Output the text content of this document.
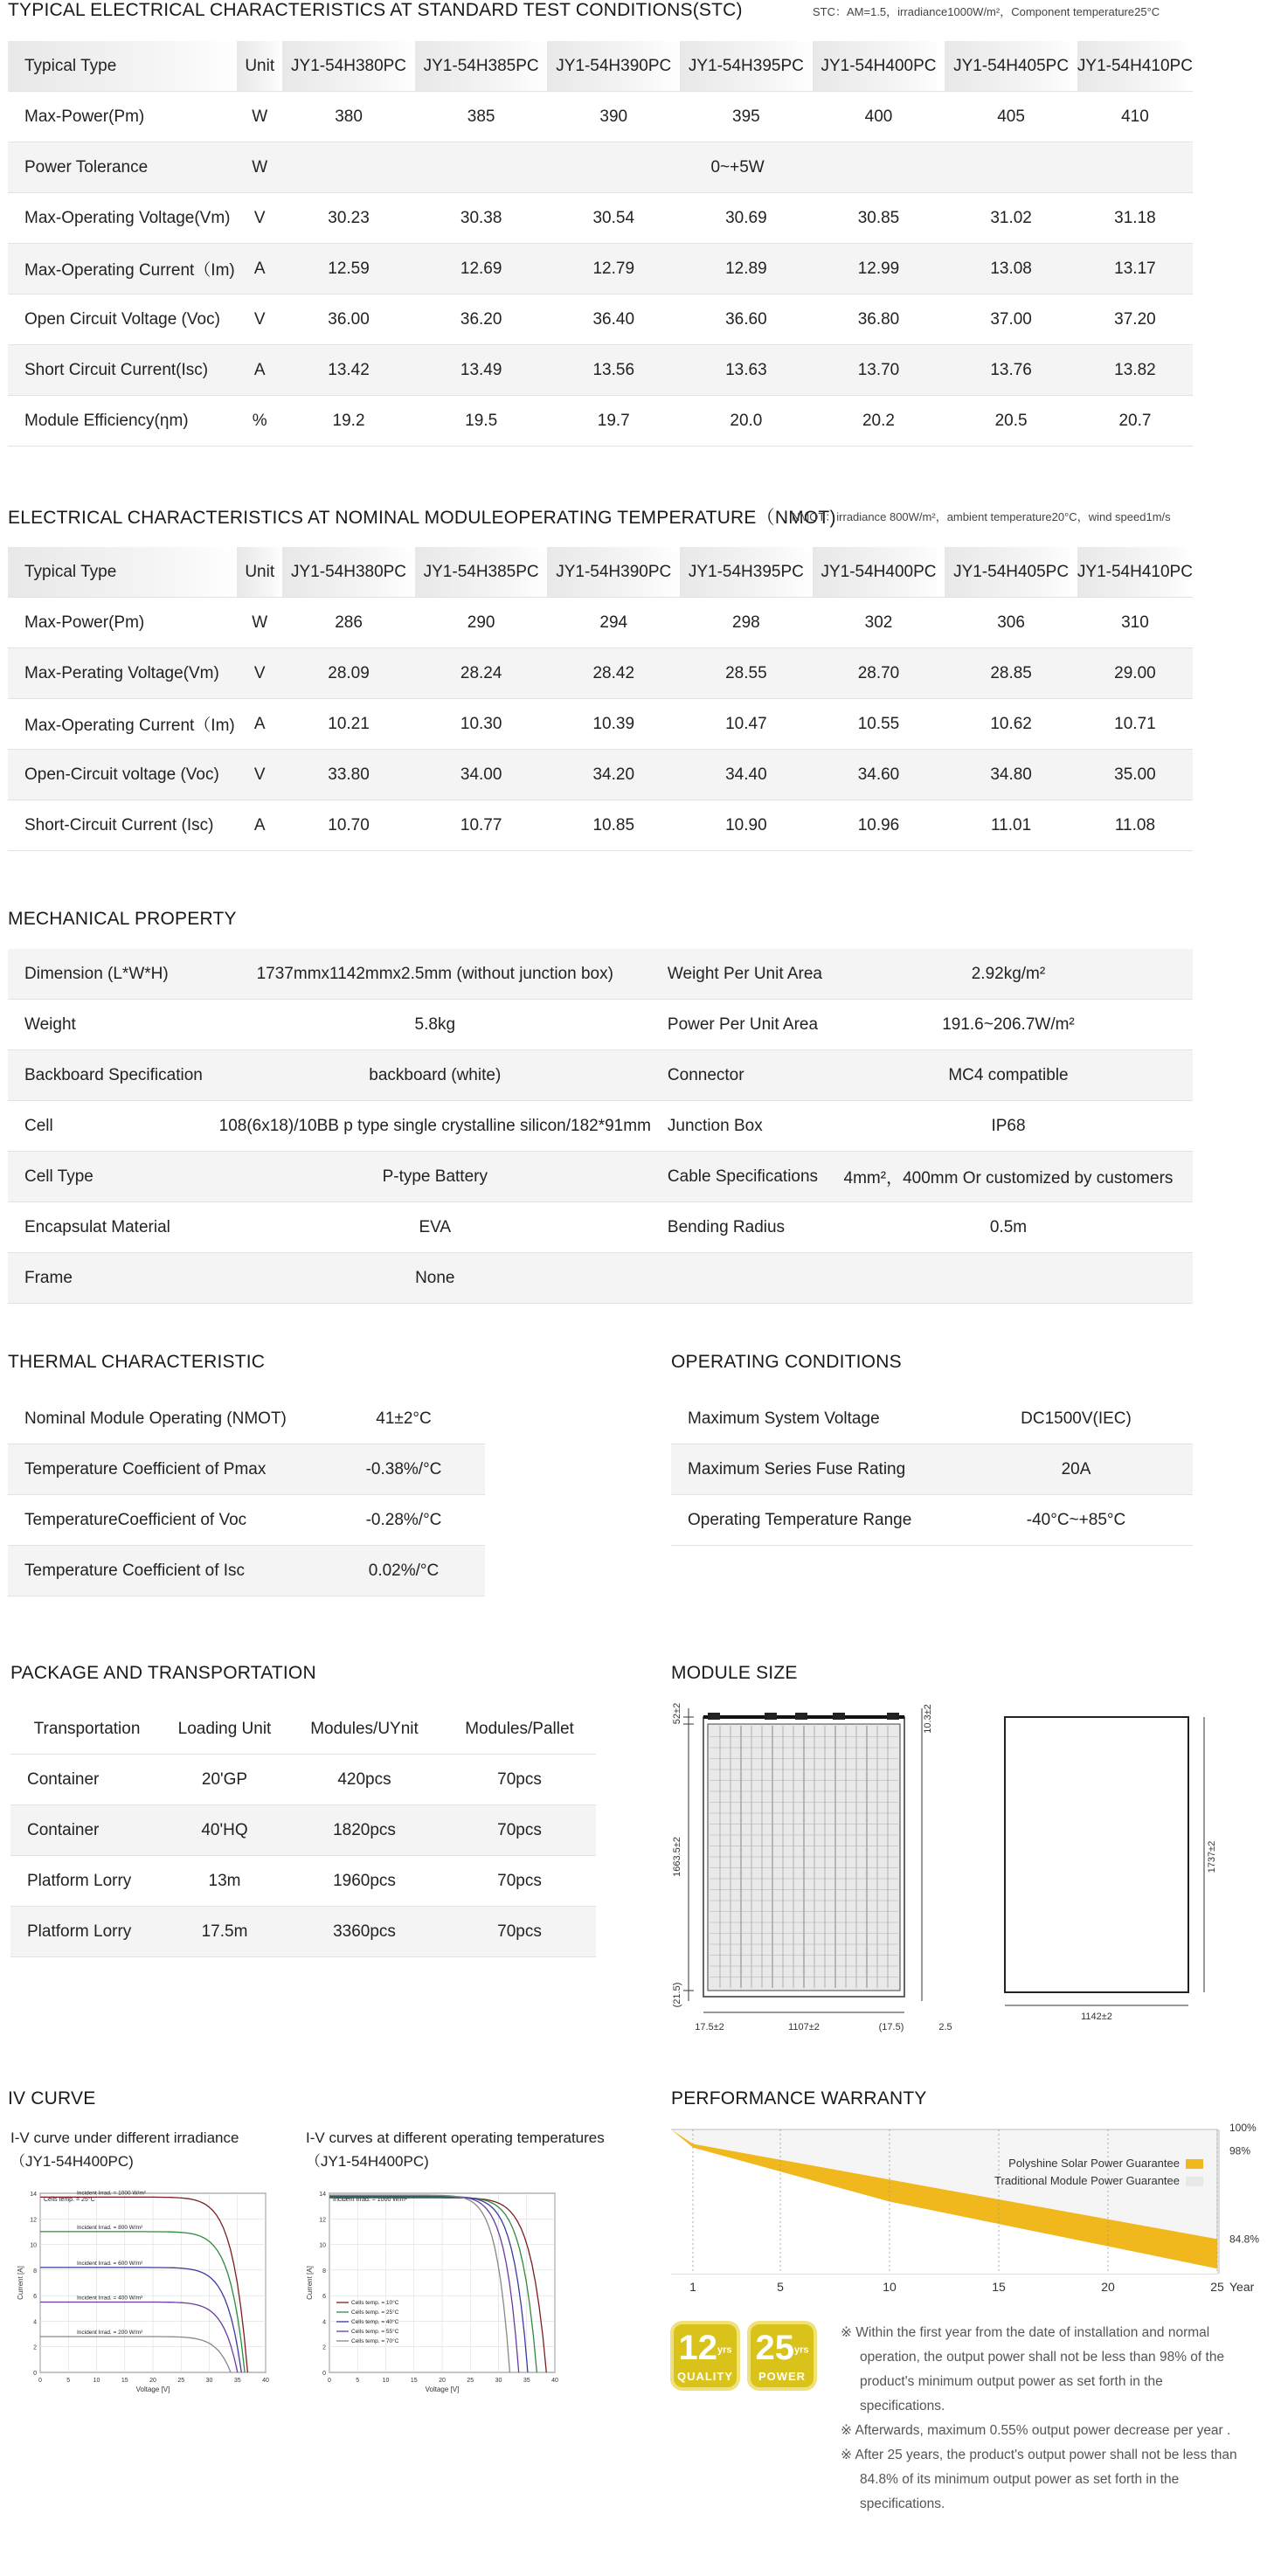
TYPICAL ELECTRICAL CHARACTERISTICS AT STANDARD TEST CONDITIONS(STC)	STC：AM=1.5，irradiance1000W/m²，Component temperature25°C
Typical Type	Unit	JY1-54H380PC	JY1-54H385PC	JY1-54H390PC	JY1-54H395PC	JY1-54H400PC	JY1-54H405PC	JY1-54H410PC
Max-Power(Pm)	W	380	385	390	395	400	405	410
Power Tolerance	W	0~+5W						
Max-Operating Voltage(Vm)	V	30.23	30.38	30.54	30.69	30.85	31.02	31.18
Max-Operating Current（Im)	A	12.59	12.69	12.79	12.89	12.99	13.08	13.17
Open Circuit Voltage (Voc)	V	36.00	36.20	36.40	36.60	36.80	37.00	37.20
Short Circuit Current(Isc)	A	13.42	13.49	13.56	13.63	13.70	13.76	13.82
Module Efficiency(ηm)	%	19.2	19.5	19.7	20.0	20.2	20.5	20.7
ELECTRICAL CHARACTERISTICS AT NOMINAL MODULEOPERATING TEMPERATURE（NMOT)
NMOT：irradiance 800W/m²，ambient temperature20°C，wind speed1m/s
Typical Type	Unit	JY1-54H380PC	JY1-54H385PC	JY1-54H390PC	JY1-54H395PC	JY1-54H400PC	JY1-54H405PC	JY1-54H410PC
Max-Power(Pm)	W	286	290	294	298	302	306	310
Max-Perating Voltage(Vm)	V	28.09	28.24	28.42	28.55	28.70	28.85	29.00
Max-Operating Current（Im)	A	10.21	10.30	10.39	10.47	10.55	10.62	10.71
Open-Circuit voltage (Voc)	V	33.80	34.00	34.20	34.40	34.60	34.80	35.00
Short-Circuit Current (Isc)	A	10.70	10.77	10.85	10.90	10.96	11.01	11.08
MECHANICAL PROPERTY
Dimension (L*W*H)	1737mmx1142mmx2.5mm (without junction box)	Weight Per Unit Area	2.92kg/m²
Weight	5.8kg	Power Per Unit Area	191.6~206.7W/m²
Backboard Specification	backboard (white)	Connector	MC4 compatible
Cell	108(6x18)/10BB p type single crystalline silicon/182*91mm	Junction Box	IP68
Cell Type	P-type Battery	Cable Specifications	4mm²，400mm Or customized by customers
Encapsulat Material	EVA	Bending Radius	0.5m
Frame	None		
THERMAL CHARACTERISTIC
Nominal Module Operating (NMOT)	41±2°C
Temperature Coefficient of Pmax	-0.38%/°C
TemperatureCoefficient of Voc	-0.28%/°C
Temperature Coefficient of Isc	0.02%/°C
OPERATING CONDITIONS
Maximum System Voltage	DC1500V(IEC)
Maximum Series Fuse Rating	20A
Operating Temperature Range	-40°C~+85°C
PACKAGE AND TRANSPORTATION
Transportation	Loading Unit	Modules/UYnit	Modules/Pallet
Container	20'GP	420pcs	70pcs
Container	40'HQ	1820pcs	70pcs
Platform Lorry	13m	1960pcs	70pcs
Platform Lorry	17.5m	3360pcs	70pcs
MODULE SIZE
52±2
1663.5±2
(21.5)
10.3±2
17.5±2	1107±2	(17.5)	2.5
1737±2
1142±2
IV CURVE
I-V curve under different irradiance
（JY1-54H400PC)
I-V curves at different operating temperatures
（JY1-54H400PC)
0	5	10	15	20	25	30	35	40
0
2
4
6
8
10
12
14
Voltage [V]
Current [A]
Cells temp. = 25°C
Incident Irrad. = 1000 W/m²
Incident Irrad. = 800 W/m²
Incident Irrad. = 600 W/m²
Incident Irrad. = 400 W/m²
Incident Irrad. = 200 W/m²
0	5	10	15	20	25	30	35	40
0
2
4
6
8
10
12
14
Voltage [V]
Current [A]
Incident Irrad. = 1000 W/m²
Cells temp. = 10°C
Cells temp. = 25°C
Cells temp. = 40°C
Cells temp. = 55°C
Cells temp. = 70°C
PERFORMANCE WARRANTY
1	5	10	15	20	25 Year
100%
98%
84.8%
Polyshine Solar Power Guarantee
Traditional Module Power Guarantee
12yrs
QUALITY
25yrs
POWER

※ Within the first year from the date of installation and normal operation, the output power shall not be less than 98% of the product's minimum output power as set forth in the specifications.

※ Afterwards, maximum 0.55% output power decrease per year .

※ After 25 years, the product's output power shall not be less than 84.8% of its minimum output power as set forth in the specifications.
